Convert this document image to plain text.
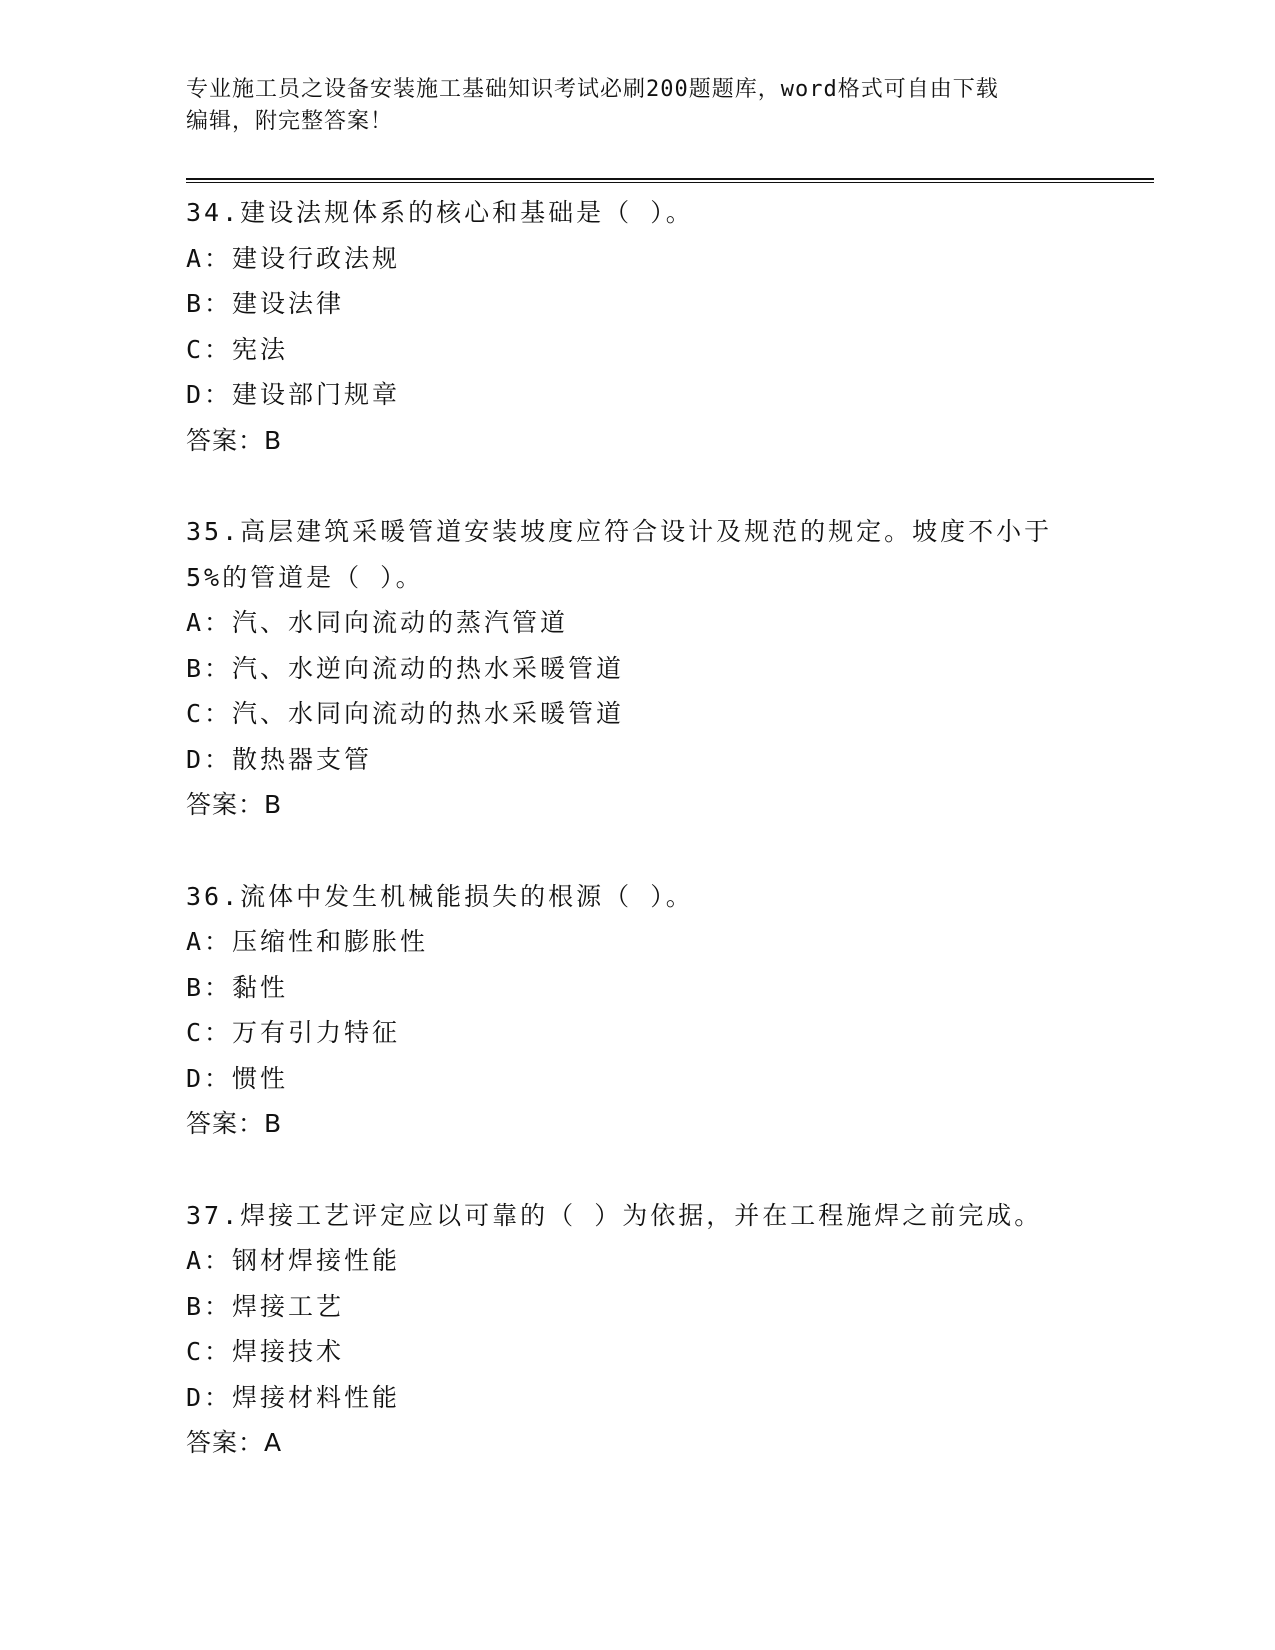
专业施工员之设备安装施工基础知识考试必刷200题题库，word格式可自由下载
编辑，附完整答案！
34.建设法规体系的核心和基础是（ ）。
A：建设行政法规
B：建设法律
C：宪法
D：建设部门规章
答案：B
35.高层建筑采暖管道安装坡度应符合设计及规范的规定。坡度不小于
5%的管道是（ ）。
A：汽、水同向流动的蒸汽管道
B：汽、水逆向流动的热水采暖管道
C：汽、水同向流动的热水采暖管道
D：散热器支管
答案：B
36.流体中发生机械能损失的根源（ ）。
A：压缩性和膨胀性
B：黏性
C：万有引力特征
D：惯性
答案：B
37.焊接工艺评定应以可靠的（ ）为依据，并在工程施焊之前完成。
A：钢材焊接性能
B：焊接工艺
C：焊接技术
D：焊接材料性能
答案：A
